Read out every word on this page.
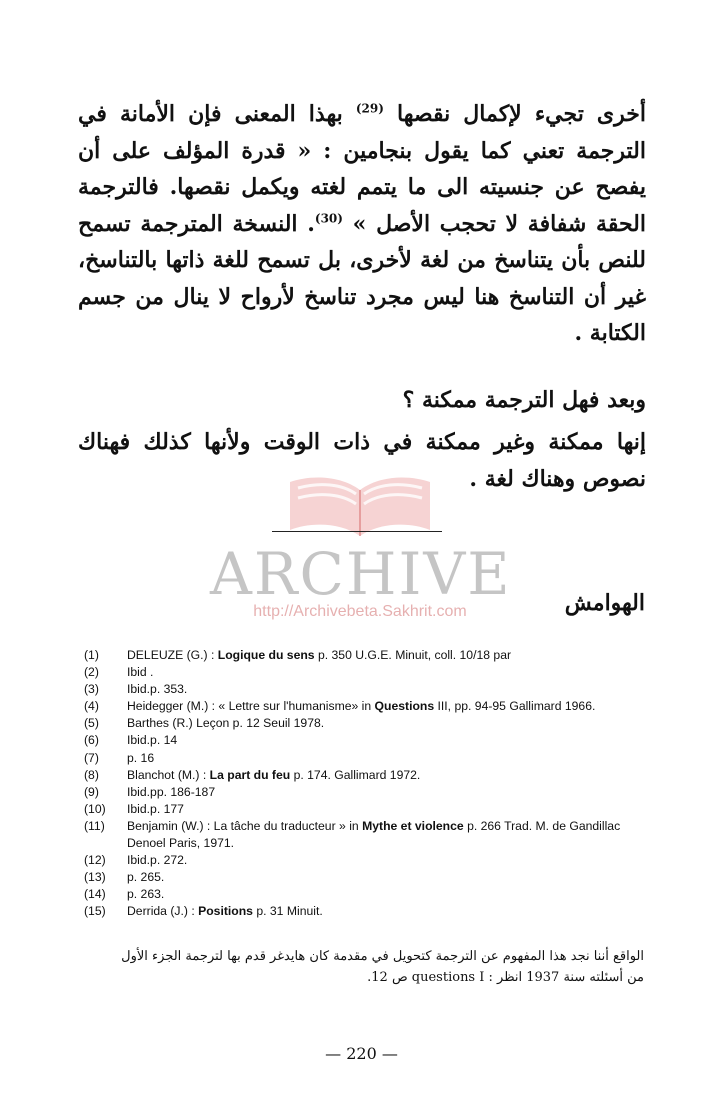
أخرى تجيء لإكمال نقصها $^{(29)}$ بهذا المعنى فإن الأمانة في الترجمة تعني كما يقول بنجامين : « قدرة المؤلف على أن يفصح عن جنسيته الى ما يتمم لغته ويكمل نقصها. فالترجمة الحقة شفافة لا تحجب الأصل » $^{(30)}$. النسخة المترجمة تسمح للنص بأن يتناسخ من لغة لأخرى، بل تسمح للغة ذاتها بالتناسخ، غير أن التناسخ هنا ليس مجرد تناسخ لأرواح لا ينال من جسم الكتابة .

وبعد فهل الترجمة ممكنة ؟

إنها ممكنة وغير ممكنة في ذات الوقت ولأنها كذلك فهناك نصوص وهناك لغة .

ARCHIVE
http://Archivebeta.Sakhrit.com	الهوامش
(1)	DELEUZE (G.) : Logique du sens p. 350 U.G.E. Minuit, coll. 10/18 par
(2)	Ibid .
(3)	Ibid.p. 353.
(4)	Heidegger (M.) : « Lettre sur l'humanisme» in Questions III, pp. 94-95 Gallimard 1966.
(5)	Barthes (R.) Leçon p. 12 Seuil 1978.
(6)	Ibid.p. 14
(7)	p. 16
(8)	Blanchot (M.) : La part du feu p. 174. Gallimard 1972.
(9)	Ibid.pp. 186-187
(10)	Ibid.p. 177
(11)	Benjamin (W.) : La tâche du traducteur » in Mythe et violence p. 266 Trad. M. de Gandillac Denoel Paris, 1971.
(12)	Ibid.p. 272.
(13)	p. 265.
(14)	p. 263.
(15)	Derrida (J.) : Positions p. 31 Minuit.

الواقع أننا نجد هذا المفهوم عن الترجمة كتحويل في مقدمة كان هايدغر قدم بها لترجمة الجزء الأول

من أسئلته سنة 1937 انظر : questions I ص 12.

— 220 —
